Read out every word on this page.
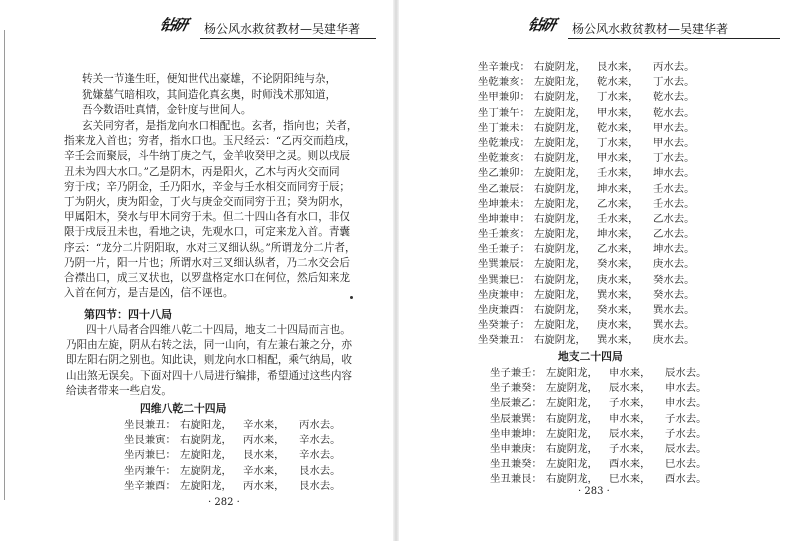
钻研	杨公风水救贫教材—吴建华著
转关一节逢生旺，便知世代出豪雄，不论阴阳纯与杂，
犹嫌墓气暗相攻，其间造化真玄奥，时师浅术那知道，
吾今数语吐真情，金针度与世间人。
玄关同穷者，是指龙向水口相配也。玄者，指向也；关者，
指来龙入首也；穷者，指水口也。玉尺经云：“乙丙交而趋戌，
辛壬会而聚辰，斗牛纳丁庚之气，金羊收癸甲之灵。则以戌辰
丑未为四大水口。”乙是阴木，丙是阳火，乙木与丙火交而同
穷于戌；辛乃阴金，壬乃阳水，辛金与壬水相交而同穷于辰；
丁为阴火，庚为阳金，丁火与庚金交而同穷于丑；癸为阴水，
甲属阳木，癸水与甲木同穷于未。但二十四山各有水口，非仅
限于戌辰丑未也，看地之诀，先观水口，可定来龙入首。青囊
序云：“龙分二片阴阳取，水对三叉细认纵。”所谓龙分二片者，
乃阴一片，阳一片也；所谓水对三叉细认纵者，乃二水交会后
合襟出口，成三叉状也，以罗盘格定水口在何位，然后知来龙
入首在何方，是吉是凶，信不诬也。
第四节：四十八局
四十八局者合四维八乾二十四局，地支二十四局而言也。
乃阳由左旋，阴从右转之法，同一山向，有左兼右兼之分，亦
即左阳右阴之别也。知此诀，则龙向水口相配，乘气纳局，收
山出煞无误矣。下面对四十八局进行编排，希望通过这些内容
给读者带来一些启发。
四维八乾二十四局
坐艮兼丑： 右旋阳龙，	辛水来，	丙水去。
坐艮兼寅： 右旋阴龙，	丙水来，	辛水去。
坐丙兼巳： 左旋阳龙，	艮水来，	辛水去。
坐丙兼午： 左旋阴龙，	辛水来，	艮水去。
坐辛兼酉： 左旋阳龙，	丙水来，	艮水去。
· 282 ·
钻研	杨公风水救贫教材—吴建华著
坐辛兼戌： 右旋阴龙，	艮水来，	丙水去。
坐乾兼亥： 左旋阳龙，	乾水来，	丁水去。
坐甲兼卯： 右旋阴龙，	丁水来，	乾水去。
坐丁兼午： 左旋阳龙，	甲水来，	乾水去。
坐丁兼未： 右旋阴龙，	乾水来，	甲水去。
坐乾兼戌： 左旋阳龙，	丁水来，	甲水去。
坐乾兼亥： 右旋阴龙，	甲水来，	丁水去。
坐乙兼卯： 左旋阳龙，	壬水来，	坤水去。
坐乙兼辰： 右旋阴龙，	坤水来，	壬水去。
坐坤兼未： 左旋阳龙，	乙水来，	壬水去。
坐坤兼申： 右旋阴龙，	壬水来，	乙水去。
坐壬兼亥： 左旋阳龙，	坤水来，	乙水去。
坐壬兼子： 右旋阴龙，	乙水来，	坤水去。
坐巽兼辰： 左旋阳龙，	癸水来，	庚水去。
坐巽兼巳： 右旋阴龙，	庚水来，	癸水去。
坐庚兼申： 左旋阳龙，	巽水来，	癸水去。
坐庚兼酉： 右旋阴龙，	癸水来，	巽水去。
坐癸兼子： 左旋阳龙，	庚水来，	巽水去。
坐癸兼丑： 右旋阴龙，	巽水来，	庚水去。
地支二十四局
坐子兼壬： 左旋阳龙，	申水来，	辰水去。
坐子兼癸： 左旋阴龙，	辰水来，	申水去。
坐辰兼乙： 左旋阳龙，	子水来，	申水去。
坐辰兼巽： 右旋阴龙，	申水来，	子水去。
坐申兼坤： 左旋阳龙，	辰水来，	子水去。
坐申兼庚： 右旋阴龙，	子水来，	辰水去。
坐丑兼癸： 左旋阳龙，	酉水来，	巳水去。
坐丑兼艮： 右旋阴龙，	巳水来，	酉水去。
· 283 ·
